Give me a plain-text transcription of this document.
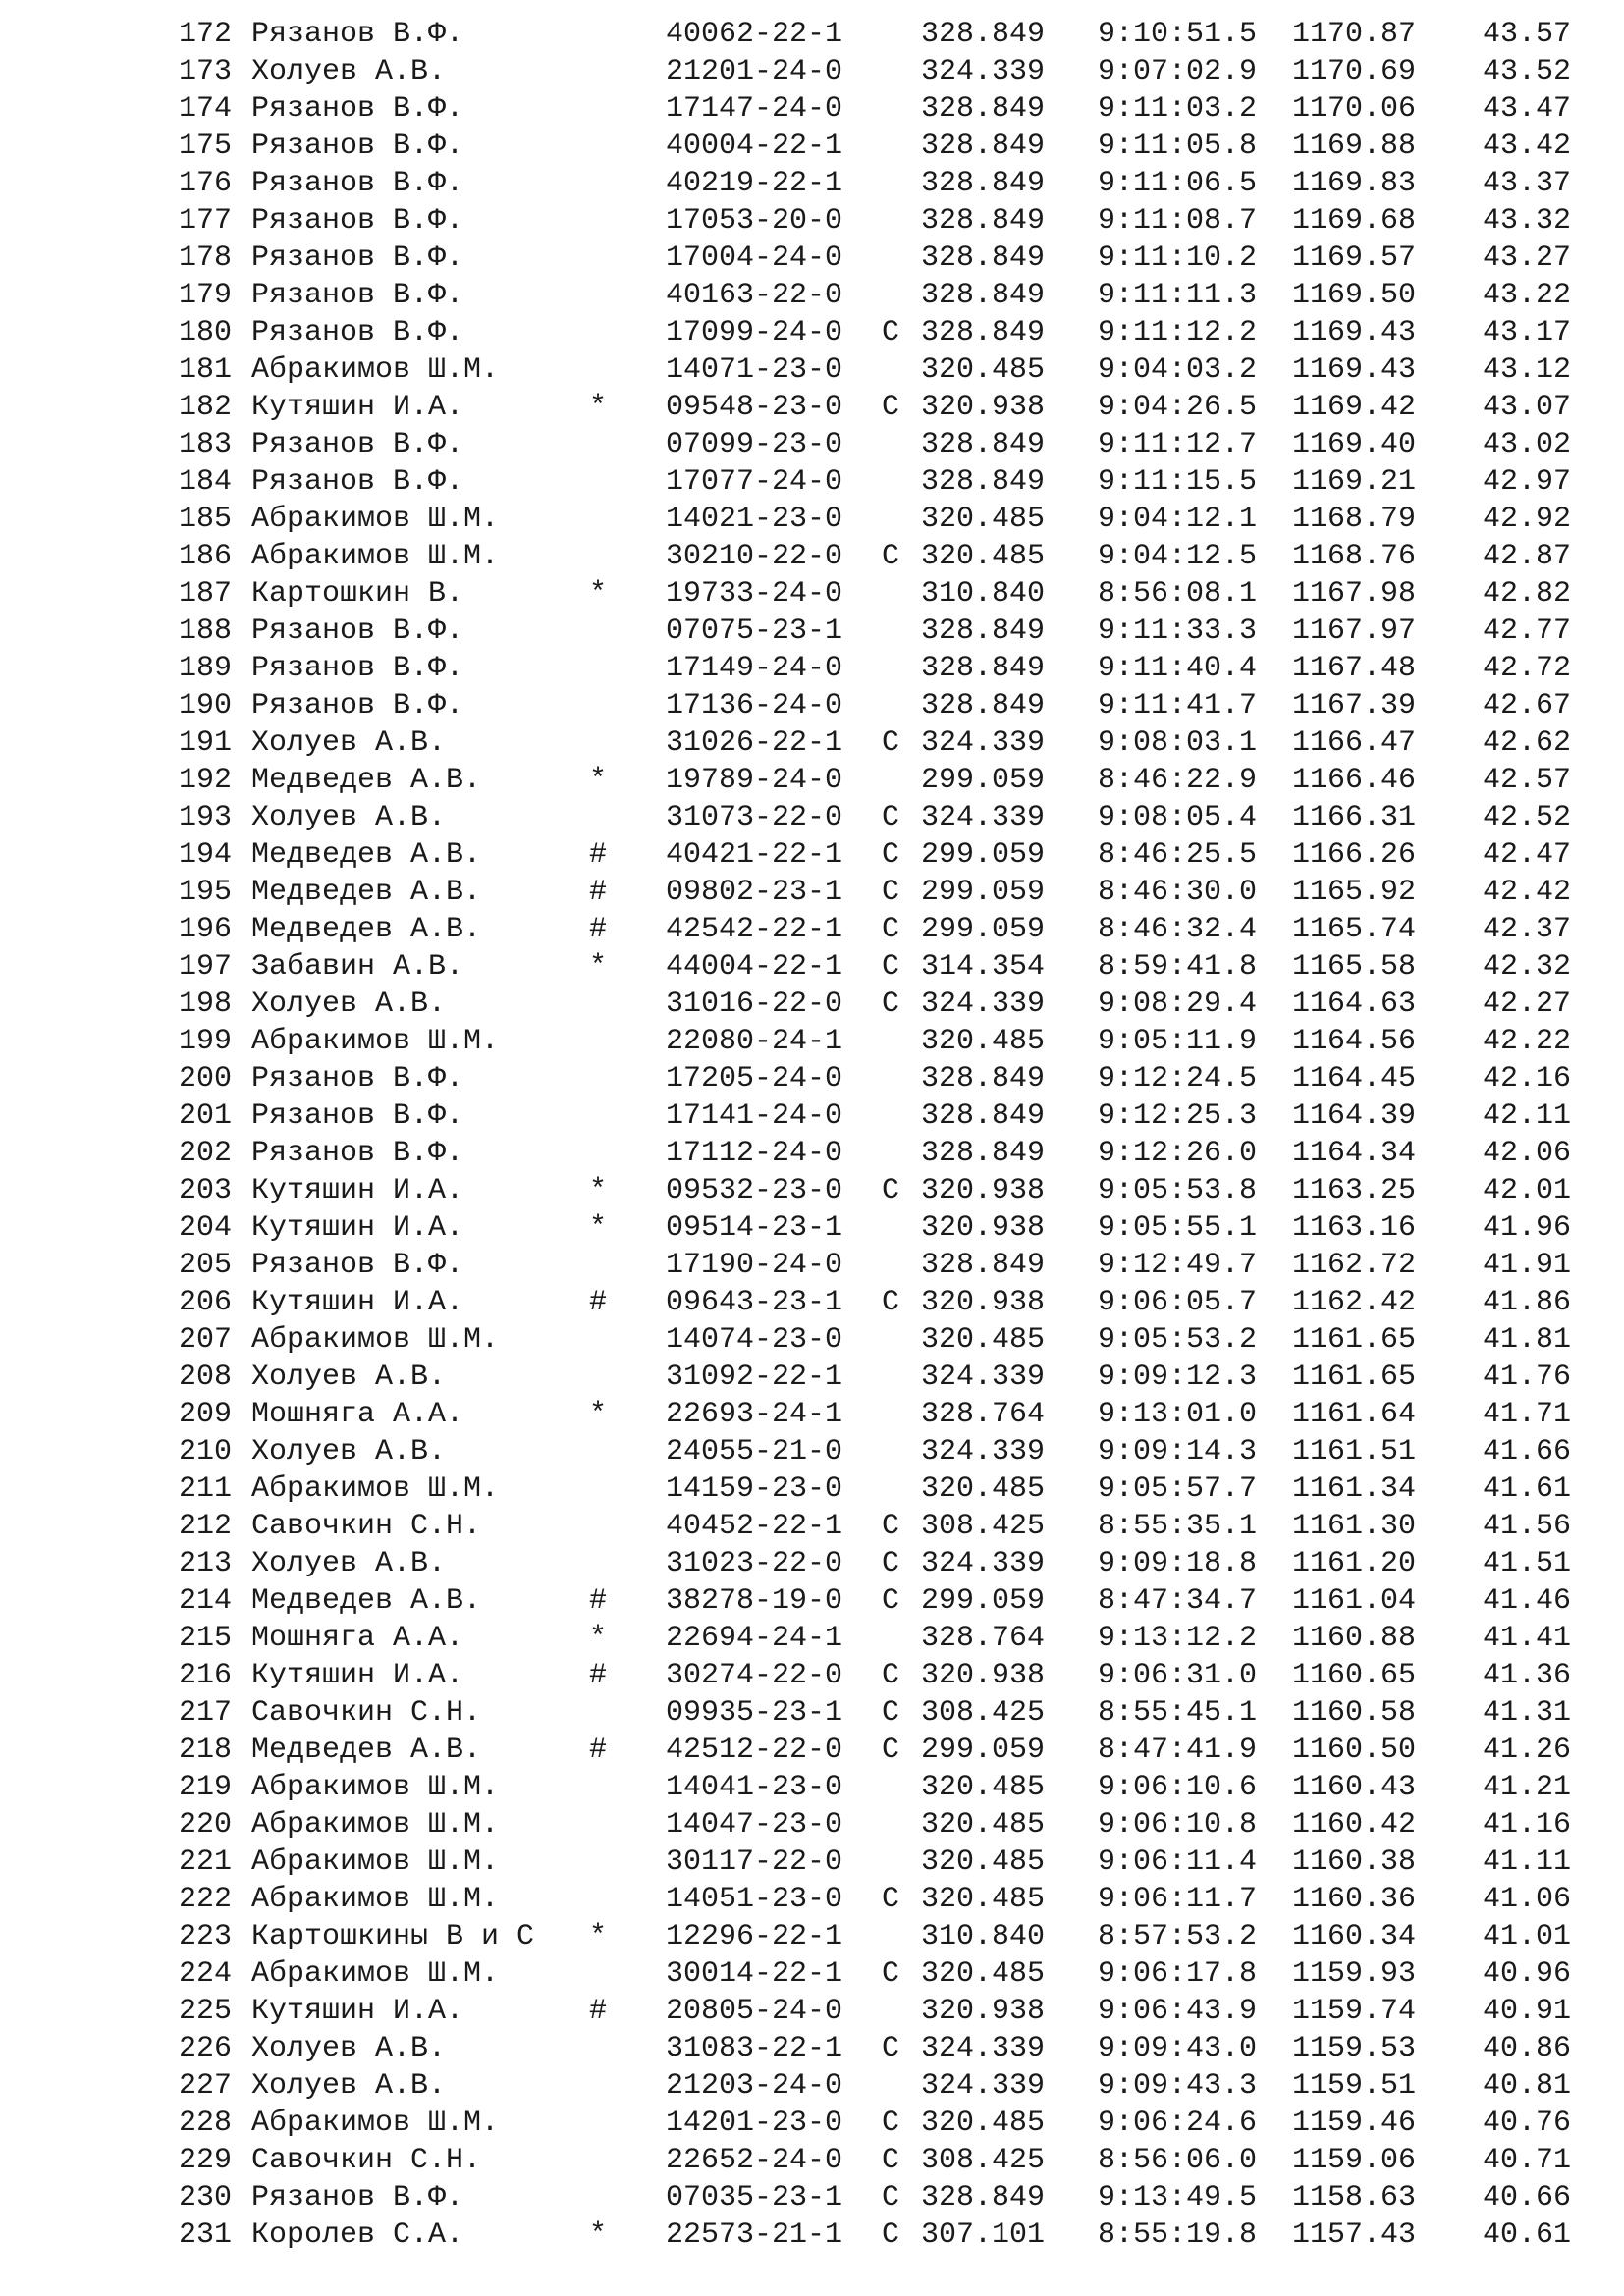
172 Рязанов В.Ф.	40062-22-1	328.849 9:10:51.5 1170.87 43.57
173 Холуев А.В.	21201-24-0	324.339 9:07:02.9 1170.69 43.52
174 Рязанов В.Ф.	17147-24-0	328.849 9:11:03.2 1170.06 43.47
175 Рязанов В.Ф.	40004-22-1	328.849 9:11:05.8 1169.88 43.42
176 Рязанов В.Ф.	40219-22-1	328.849 9:11:06.5 1169.83 43.37
177 Рязанов В.Ф.	17053-20-0	328.849 9:11:08.7 1169.68 43.32
178 Рязанов В.Ф.	17004-24-0	328.849 9:11:10.2 1169.57 43.27
179 Рязанов В.Ф.	40163-22-0	328.849 9:11:11.3 1169.50 43.22
180 Рязанов В.Ф.	17099-24-0 C 328.849 9:11:12.2 1169.43 43.17
181 Абракимов Ш.М.	14071-23-0	320.485 9:04:03.2 1169.43 43.12
182 Кутяшин И.А.	* 09548-23-0 C 320.938 9:04:26.5 1169.42 43.07
183 Рязанов В.Ф.	07099-23-0	328.849 9:11:12.7 1169.40 43.02
184 Рязанов В.Ф.	17077-24-0	328.849 9:11:15.5 1169.21 42.97
185 Абракимов Ш.М.	14021-23-0	320.485 9:04:12.1 1168.79 42.92
186 Абракимов Ш.М.	30210-22-0 C 320.485 9:04:12.5 1168.76 42.87
187 Картошкин В.	* 19733-24-0	310.840 8:56:08.1 1167.98 42.82
188 Рязанов В.Ф.	07075-23-1	328.849 9:11:33.3 1167.97 42.77
189 Рязанов В.Ф.	17149-24-0	328.849 9:11:40.4 1167.48 42.72
190 Рязанов В.Ф.	17136-24-0	328.849 9:11:41.7 1167.39 42.67
191 Холуев А.В.	31026-22-1 C 324.339 9:08:03.1 1166.47 42.62
192 Медведев А.В.	* 19789-24-0	299.059 8:46:22.9 1166.46 42.57
193 Холуев А.В.	31073-22-0 C 324.339 9:08:05.4 1166.31 42.52
194 Медведев А.В.	# 40421-22-1 C 299.059 8:46:25.5 1166.26 42.47
195 Медведев А.В.	# 09802-23-1 C 299.059 8:46:30.0 1165.92 42.42
196 Медведев А.В.	# 42542-22-1 C 299.059 8:46:32.4 1165.74 42.37
197 Забавин А.В.	* 44004-22-1 C 314.354 8:59:41.8 1165.58 42.32
198 Холуев А.В.	31016-22-0 C 324.339 9:08:29.4 1164.63 42.27
199 Абракимов Ш.М.	22080-24-1	320.485 9:05:11.9 1164.56 42.22
200 Рязанов В.Ф.	17205-24-0	328.849 9:12:24.5 1164.45 42.16
201 Рязанов В.Ф.	17141-24-0	328.849 9:12:25.3 1164.39 42.11
202 Рязанов В.Ф.	17112-24-0	328.849 9:12:26.0 1164.34 42.06
203 Кутяшин И.А.	* 09532-23-0 C 320.938 9:05:53.8 1163.25 42.01
204 Кутяшин И.А.	* 09514-23-1	320.938 9:05:55.1 1163.16 41.96
205 Рязанов В.Ф.	17190-24-0	328.849 9:12:49.7 1162.72 41.91
206 Кутяшин И.А.	# 09643-23-1 C 320.938 9:06:05.7 1162.42 41.86
207 Абракимов Ш.М.	14074-23-0	320.485 9:05:53.2 1161.65 41.81
208 Холуев А.В.	31092-22-1	324.339 9:09:12.3 1161.65 41.76
209 Мошняга А.А.	* 22693-24-1	328.764 9:13:01.0 1161.64 41.71
210 Холуев А.В.	24055-21-0	324.339 9:09:14.3 1161.51 41.66
211 Абракимов Ш.М.	14159-23-0	320.485 9:05:57.7 1161.34 41.61
212 Савочкин С.Н.	40452-22-1 C 308.425 8:55:35.1 1161.30 41.56
213 Холуев А.В.	31023-22-0 C 324.339 9:09:18.8 1161.20 41.51
214 Медведев А.В.	# 38278-19-0 C 299.059 8:47:34.7 1161.04 41.46
215 Мошняга А.А.	* 22694-24-1	328.764 9:13:12.2 1160.88 41.41
216 Кутяшин И.А.	# 30274-22-0 C 320.938 9:06:31.0 1160.65 41.36
217 Савочкин С.Н.	09935-23-1 C 308.425 8:55:45.1 1160.58 41.31
218 Медведев А.В.	# 42512-22-0 C 299.059 8:47:41.9 1160.50 41.26
219 Абракимов Ш.М.	14041-23-0	320.485 9:06:10.6 1160.43 41.21
220 Абракимов Ш.М.	14047-23-0	320.485 9:06:10.8 1160.42 41.16
221 Абракимов Ш.М.	30117-22-0	320.485 9:06:11.4 1160.38 41.11
222 Абракимов Ш.М.	14051-23-0 C 320.485 9:06:11.7 1160.36 41.06
223 Картошкины В и С * 12296-22-1	310.840 8:57:53.2 1160.34 41.01
224 Абракимов Ш.М.	30014-22-1 C 320.485 9:06:17.8 1159.93 40.96
225 Кутяшин И.А.	# 20805-24-0	320.938 9:06:43.9 1159.74 40.91
226 Холуев А.В.	31083-22-1 C 324.339 9:09:43.0 1159.53 40.86
227 Холуев А.В.	21203-24-0	324.339 9:09:43.3 1159.51 40.81
228 Абракимов Ш.М.	14201-23-0 C 320.485 9:06:24.6 1159.46 40.76
229 Савочкин С.Н.	22652-24-0 C 308.425 8:56:06.0 1159.06 40.71
230 Рязанов В.Ф.	07035-23-1 C 328.849 9:13:49.5 1158.63 40.66
231 Королев С.А.	* 22573-21-1 C 307.101 8:55:19.8 1157.43 40.61
